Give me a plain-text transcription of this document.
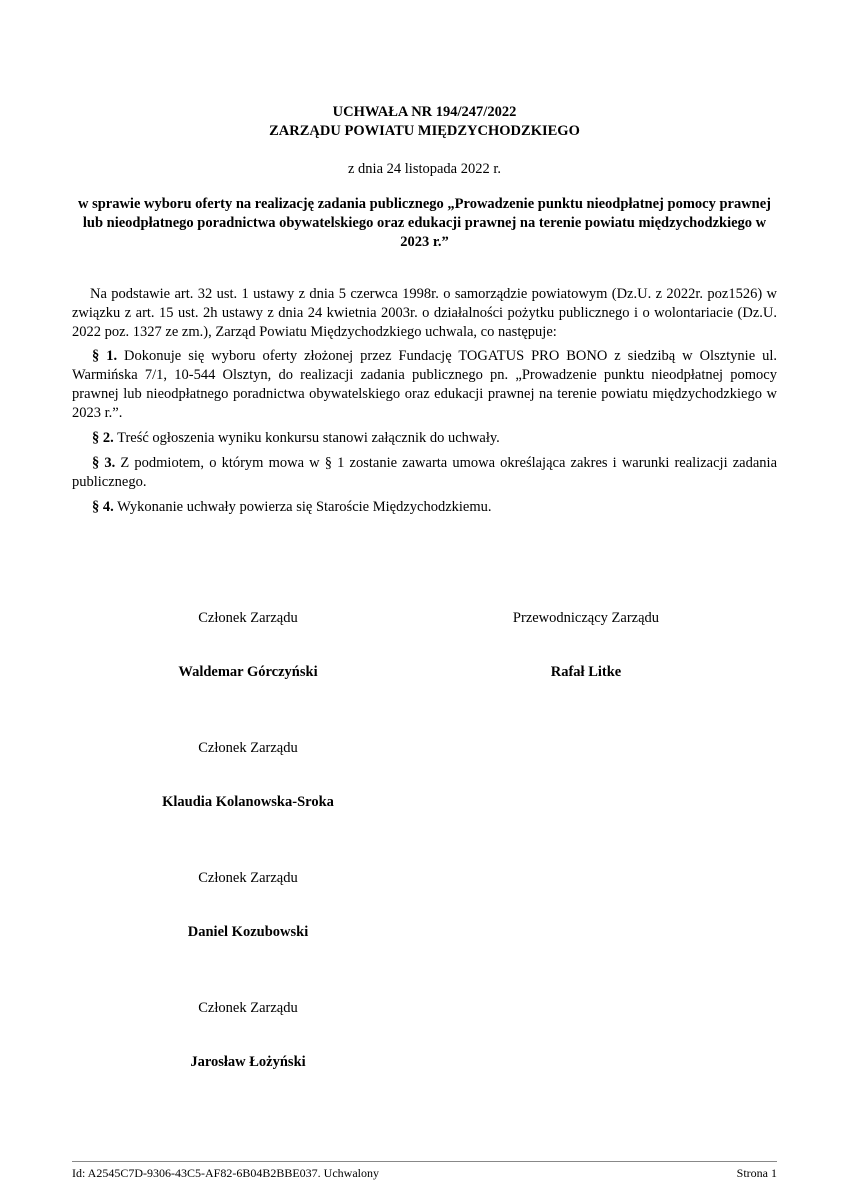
UCHWAŁA NR 194/247/2022
ZARZĄDU POWIATU MIĘDZYCHODZKIEGO
z dnia 24 listopada 2022 r.
w sprawie wyboru oferty na realizację zadania publicznego „Prowadzenie punktu nieodpłatnej pomocy prawnej lub nieodpłatnego poradnictwa obywatelskiego oraz edukacji prawnej na terenie powiatu międzychodzkiego w 2023 r.”

Na podstawie art. 32 ust. 1 ustawy z dnia 5 czerwca 1998r. o samorządzie powiatowym (Dz.U. z 2022r. poz1526) w związku z art. 15 ust. 2h ustawy z dnia 24 kwietnia 2003r. o działalności pożytku publicznego i o wolontariacie (Dz.U. 2022 poz. 1327 ze zm.), Zarząd Powiatu Międzychodzkiego uchwala, co następuje:

§ 1. Dokonuje się wyboru oferty złożonej przez Fundację TOGATUS PRO BONO z siedzibą w Olsztynie ul. Warmińska 7/1, 10-544 Olsztyn, do realizacji zadania publicznego pn. „Prowadzenie punktu nieodpłatnej pomocy prawnej lub nieodpłatnego poradnictwa obywatelskiego oraz edukacji prawnej na terenie powiatu międzychodzkiego w 2023 r.”.

§ 2. Treść ogłoszenia wyniku konkursu stanowi załącznik do uchwały.

§ 3. Z podmiotem, o którym mowa w § 1 zostanie zawarta umowa określająca zakres i warunki realizacji zadania publicznego.

§ 4. Wykonanie uchwały powierza się Staroście Międzychodzkiemu.

Członek Zarządu
Waldemar Górczyński
Przewodniczący Zarządu
Rafał Litke
Członek Zarządu
Klaudia Kolanowska-Sroka
Członek Zarządu
Daniel Kozubowski
Członek Zarządu
Jarosław Łożyński
Id: A2545C7D-9306-43C5-AF82-6B04B2BBE037. Uchwalony	Strona 1
